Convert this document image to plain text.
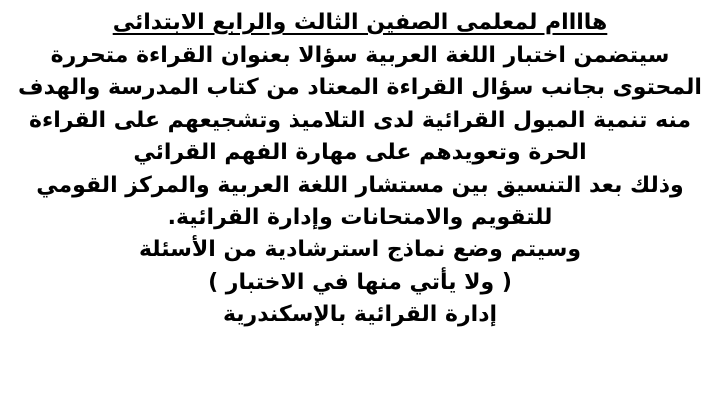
هاااام لمعلمى الصفين الثالث والرابع الابتدائى
سيتضمن اختبار اللغة العربية سؤالا بعنوان القراءة متحررة
المحتوى بجانب سؤال القراءة المعتاد من كتاب المدرسة والهدف
منه تنمية الميول القرائية لدى التلاميذ وتشجيعهم على القراءة
الحرة وتعويدهم على مهارة الفهم القرائي
وذلك بعد التنسيق بين مستشار اللغة العربية والمركز القومي
للتقويم والامتحانات وإدارة القرائية.
وسيتم وضع نماذج استرشادية من الأسئلة
( ولا يأتي منها في الاختبار )
إدارة القرائية بالإسكندرية
